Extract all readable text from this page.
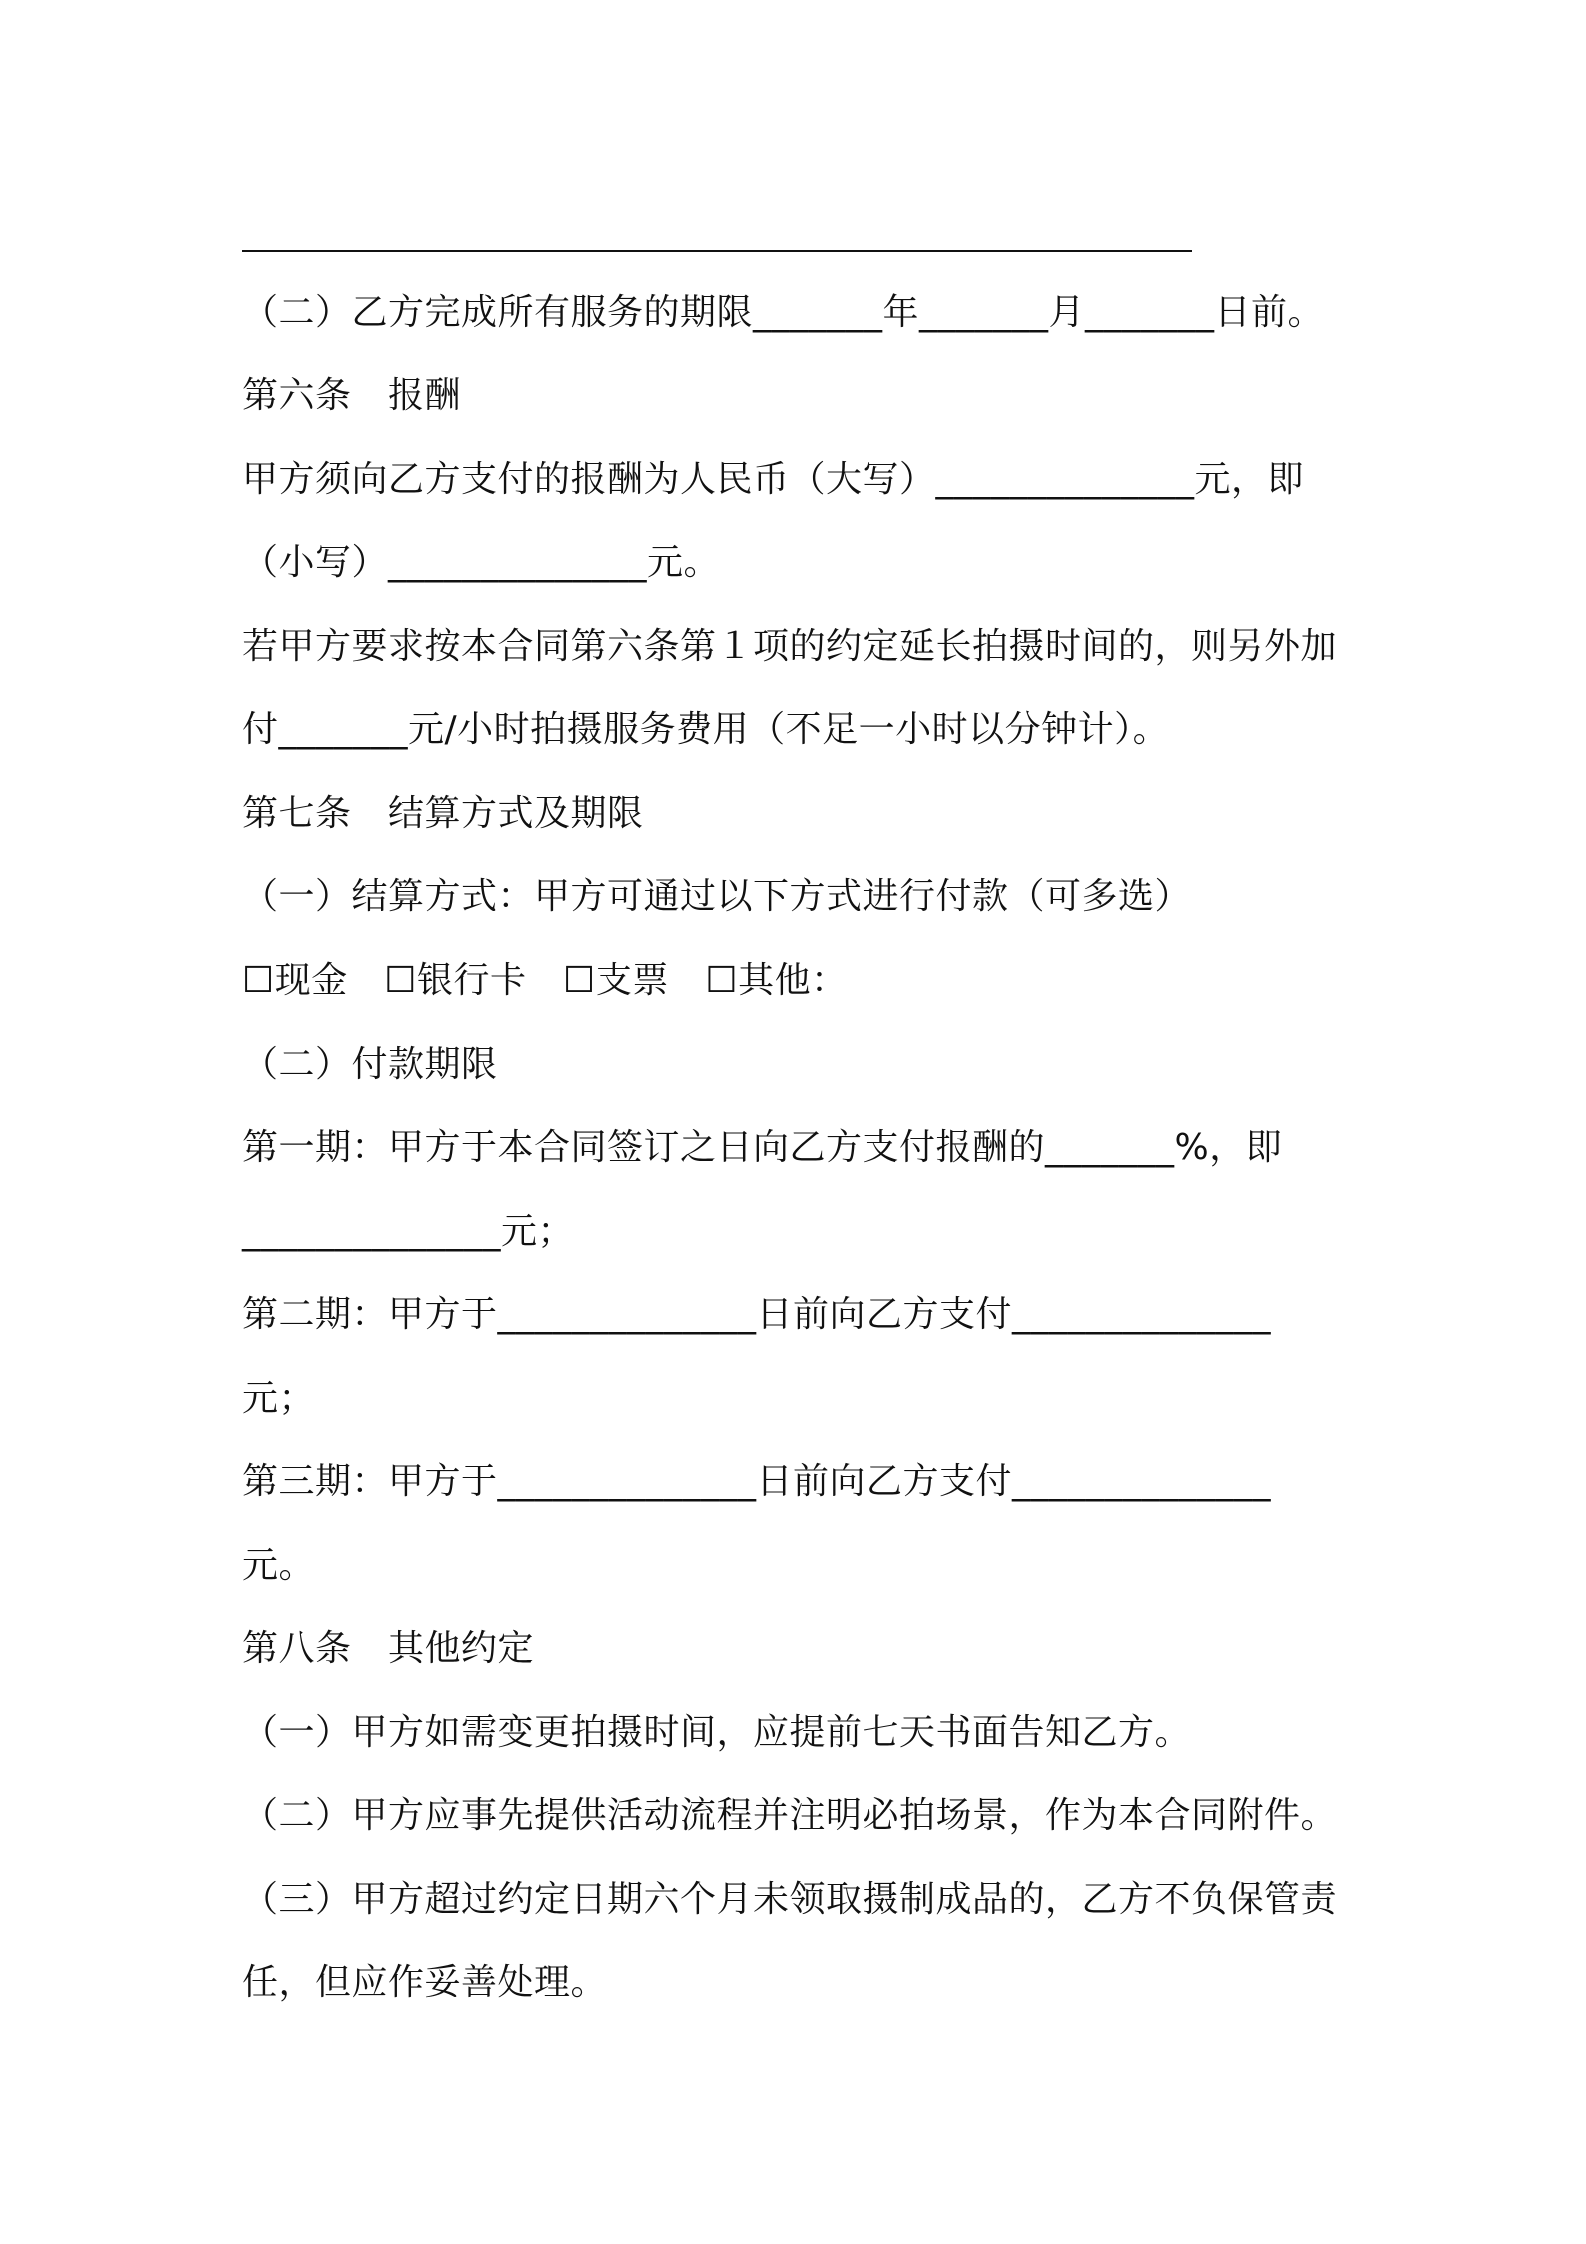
（二）乙方完成所有服务的期限_______年_______月_______日前。
第六条　报酬
甲方须向乙方支付的报酬为人民币（大写）______________元，即
（小写）______________元。
若甲方要求按本合同第六条第１项的约定延长拍摄时间的，则另外加
付_______元/小时拍摄服务费用（不足一小时以分钟计）。
第七条　结算方式及期限
（一）结算方式：甲方可通过以下方式进行付款（可多选）
☐现金　☐银行卡　☐支票　☐其他：
（二）付款期限
第一期：甲方于本合同签订之日向乙方支付报酬的_______%，即
______________元；
第二期：甲方于______________日前向乙方支付______________
元；
第三期：甲方于______________日前向乙方支付______________
元。
第八条　其他约定
（一）甲方如需变更拍摄时间，应提前七天书面告知乙方。
（二）甲方应事先提供活动流程并注明必拍场景，作为本合同附件。
（三）甲方超过约定日期六个月未领取摄制成品的，乙方不负保管责
任，但应作妥善处理。
